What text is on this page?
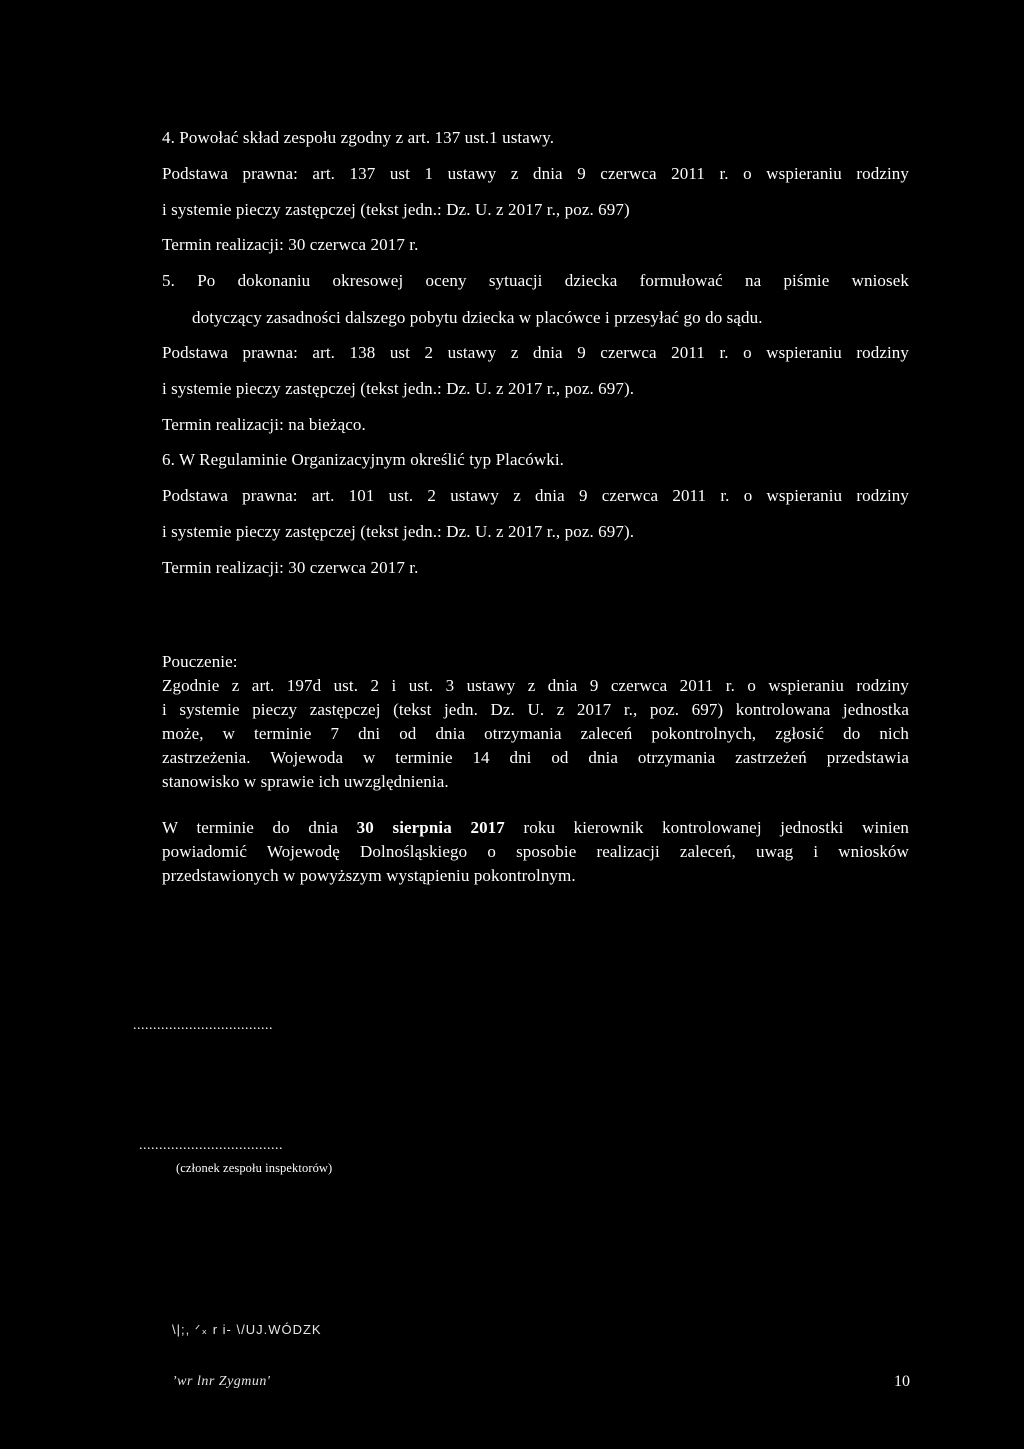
4. Powołać skład zespołu zgodny z art. 137 ust.1 ustawy.
Podstawa prawna: art. 137 ust 1 ustawy z dnia 9 czerwca 2011 r. o wspieraniu rodziny
i systemie pieczy zastępczej (tekst jedn.: Dz. U. z 2017 r., poz. 697)
Termin realizacji: 30 czerwca 2017 r.
5. Po dokonaniu okresowej oceny sytuacji dziecka formułować na piśmie wniosek
dotyczący zasadności dalszego pobytu dziecka w placówce i przesyłać go do sądu.
Podstawa prawna: art. 138 ust 2 ustawy z dnia 9 czerwca 2011 r. o wspieraniu rodziny
i systemie pieczy zastępczej (tekst jedn.: Dz. U. z 2017 r., poz. 697).
Termin realizacji: na bieżąco.
6. W Regulaminie Organizacyjnym określić typ Placówki.
Podstawa prawna: art. 101 ust. 2 ustawy z dnia 9 czerwca 2011 r. o wspieraniu rodziny
i systemie pieczy zastępczej (tekst jedn.: Dz. U. z 2017 r., poz. 697).
Termin realizacji: 30 czerwca 2017 r.
Pouczenie:
Zgodnie z art. 197d ust. 2 i ust. 3 ustawy z dnia 9 czerwca 2011 r. o wspieraniu rodziny
i systemie pieczy zastępczej (tekst jedn. Dz. U. z 2017 r., poz. 697) kontrolowana jednostka
może, w terminie 7 dni od dnia otrzymania zaleceń pokontrolnych, zgłosić do nich
zastrzeżenia. Wojewoda w terminie 14 dni od dnia otrzymania zastrzeżeń przedstawia
stanowisko w sprawie ich uwzględnienia.
W terminie do dnia 30 sierpnia 2017 roku kierownik kontrolowanej jednostki winien
powiadomić Wojewodę Dolnośląskiego o sposobie realizacji zaleceń, uwag i wniosków
przedstawionych w powyższym wystąpieniu pokontrolnym.
...................................
....................................
(członek zespołu inspektorów)
\|;, ᐟ᙮ r i- \/UJ.WÓDZK
ʼwr lnr Zygmun'	10
